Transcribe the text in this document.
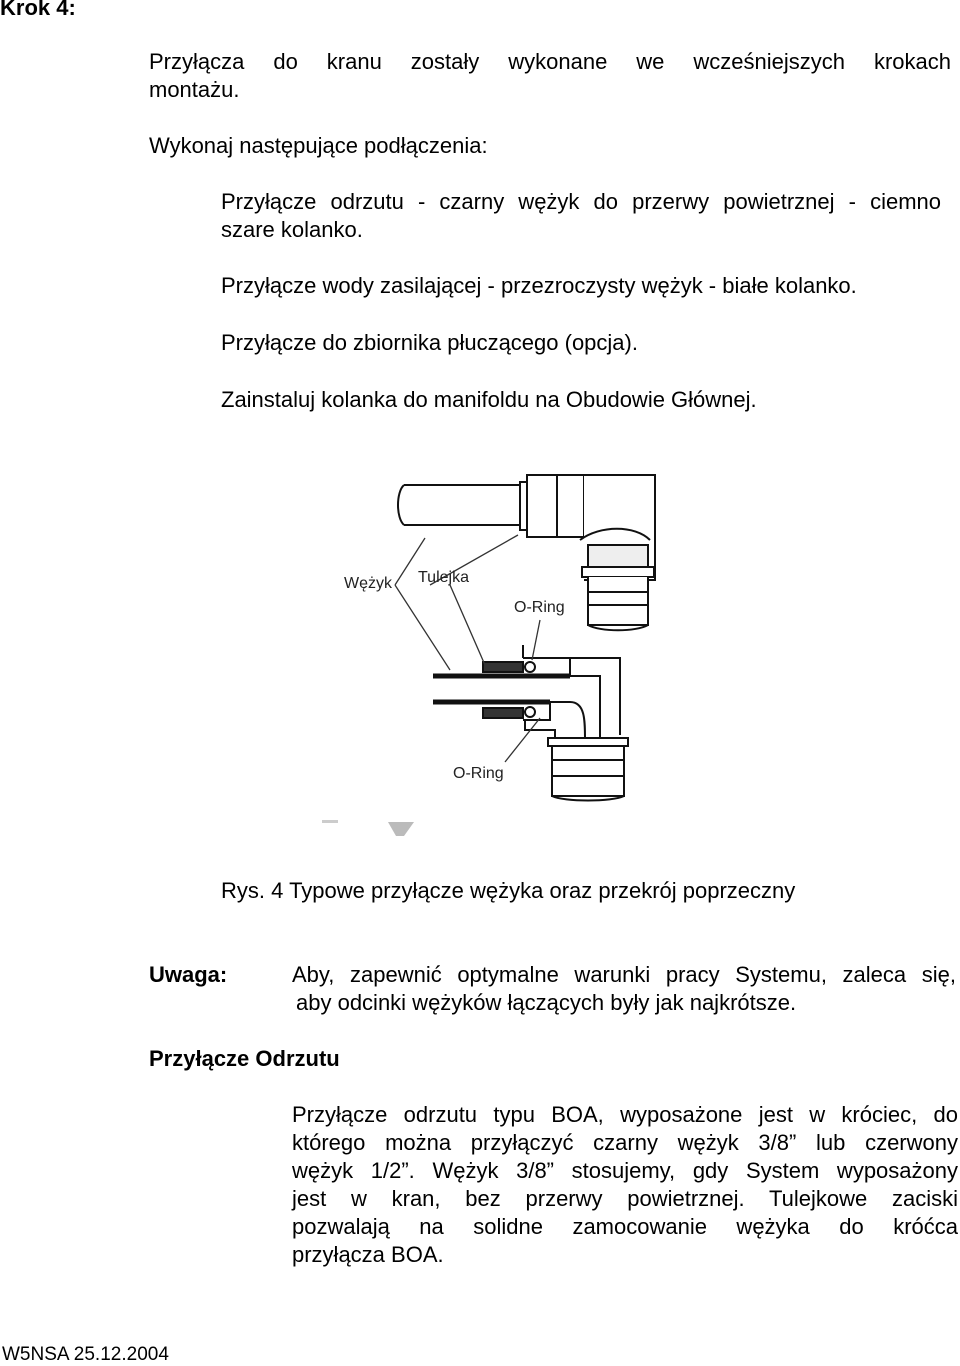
Krok 4:
Przyłącza do kranu zostały wykonane we wcześniejszych krokach
montażu.
Wykonaj następujące podłączenia:
Przyłącze odrzutu - czarny wężyk do przerwy powietrznej - ciemno
szare kolanko.
Przyłącze wody zasilającej - przezroczysty wężyk - białe kolanko.
Przyłącze do zbiornika płuczącego (opcja).
Zainstaluj kolanka do manifoldu na Obudowie Głównej.
Wężyk Tulejka
O-Ring
O-Ring
Rys. 4 Typowe przyłącze wężyka oraz przekrój poprzeczny
Uwaga:	Aby, zapewnić optymalne warunki pracy Systemu, zaleca się,
aby odcinki wężyków łączących były jak najkrótsze.
Przyłącze Odrzutu
Przyłącze odrzutu typu BOA, wyposażone jest w króciec, do
którego można przyłączyć czarny wężyk 3/8” lub czerwony
wężyk 1/2”. Wężyk 3/8” stosujemy, gdy System wyposażony
jest w kran, bez przerwy powietrznej. Tulejkowe zaciski
pozwalają na solidne zamocowanie wężyka do króćca
przyłącza BOA.
W5NSA 25.12.2004
